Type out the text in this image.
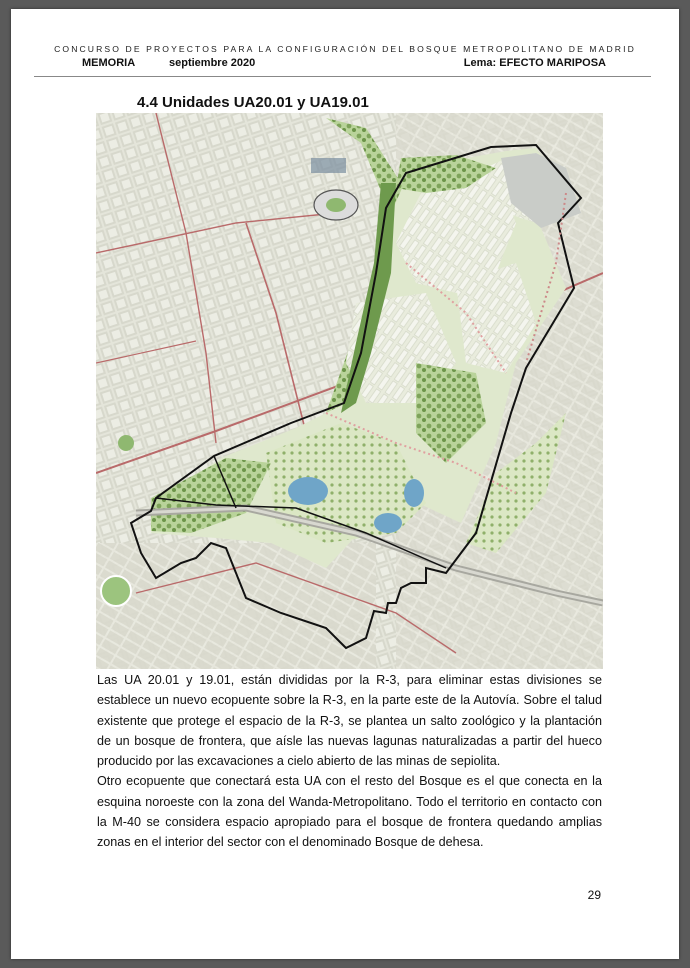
CONCURSO DE PROYECTOS PARA LA CONFIGURACIÓN DEL BOSQUE METROPOLITANO DE MADRID
MEMORIA	septiembre 2020	Lema: EFECTO MARIPOSA
4.4 Unidades UA20.01 y UA19.01

Las UA 20.01 y 19.01, están divididas por la R-3, para eliminar estas divisiones se establece un nuevo ecopuente sobre la R-3, en la parte este de la Autovía. Sobre el talud existente que protege el espacio de la R-3, se plantea un salto zoológico y la plantación de un bosque de frontera, que aísle las nuevas lagunas naturalizadas a partir del hueco producido por las excavaciones a cielo abierto de las minas de sepiolita.

Otro ecopuente que conectará esta UA con el resto del Bosque es el que conecta en la esquina noroeste con la zona del Wanda-Metropolitano. Todo el territorio en contacto con la M-40 se considera espacio apropiado para el bosque de frontera quedando amplias zonas en el interior del sector con el denominado Bosque de dehesa.

29
